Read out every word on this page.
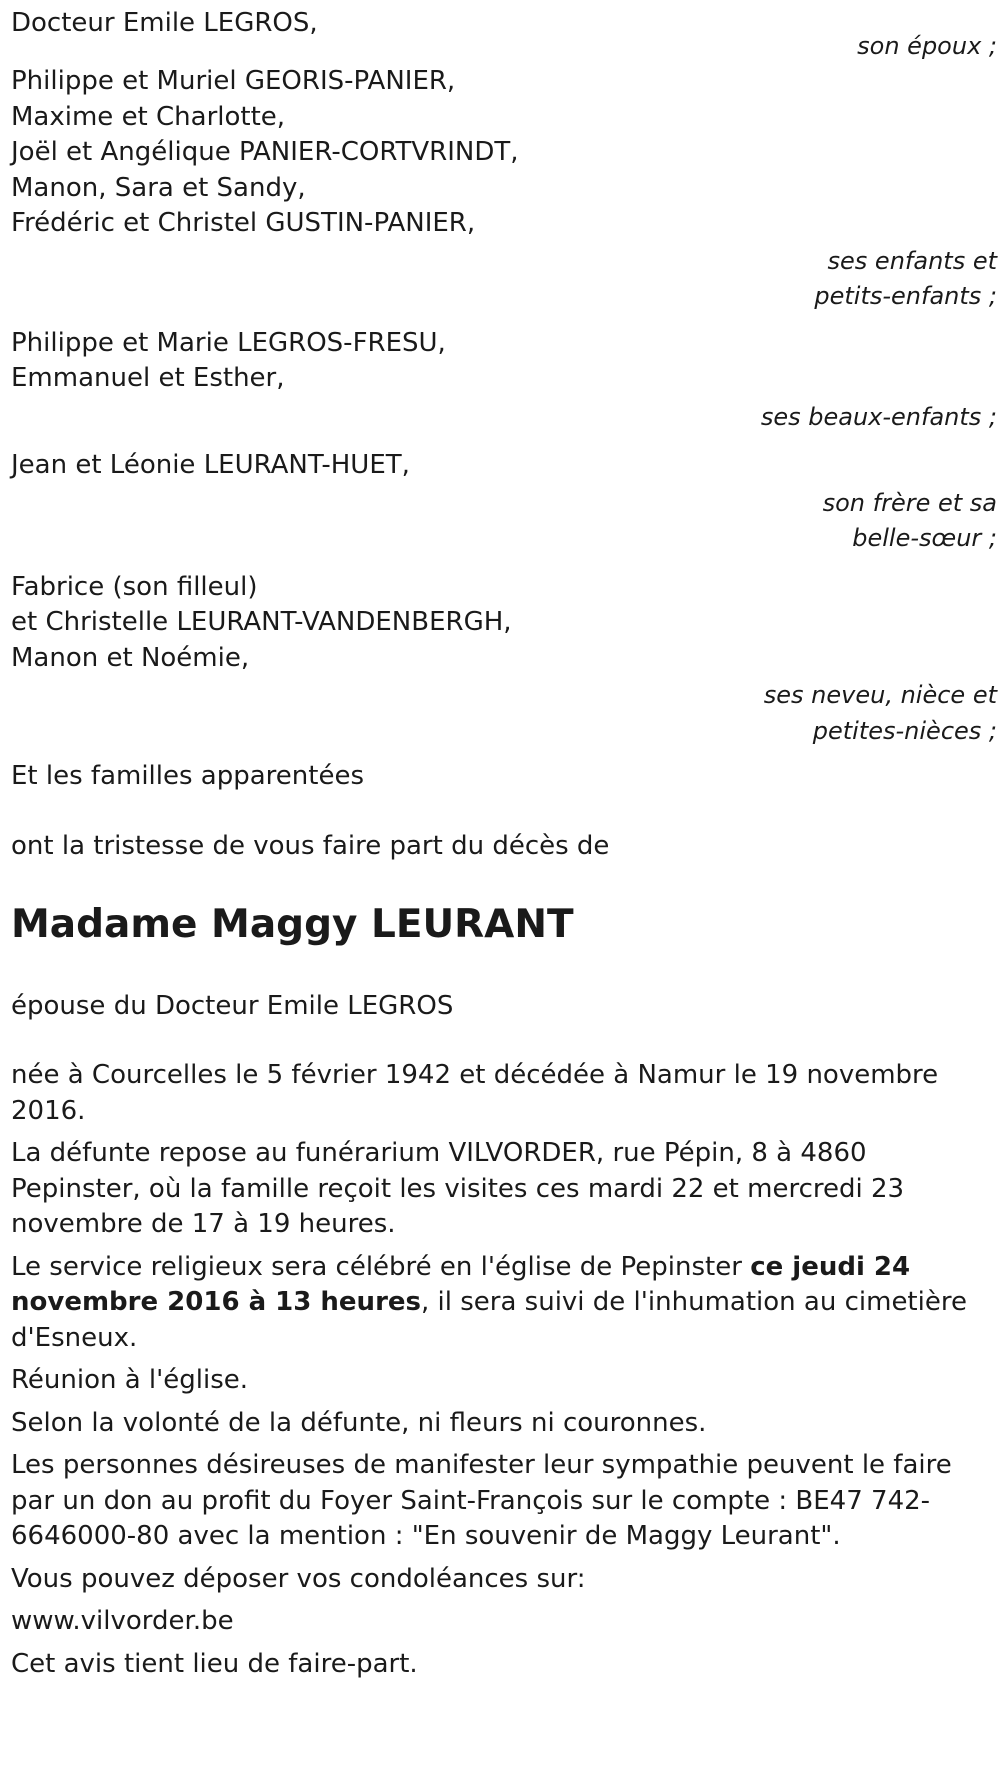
Docteur Emile LEGROS,

son époux ;

Philippe et Muriel GEORIS-PANIER,

Maxime et Charlotte,

Joël et Angélique PANIER-CORTVRINDT,

Manon, Sara et Sandy,

Frédéric et Christel GUSTIN-PANIER,

ses enfants et

petits-enfants ;

Philippe et Marie LEGROS-FRESU,

Emmanuel et Esther,

ses beaux-enfants ;

Jean et Léonie LEURANT-HUET,

son frère et sa

belle-sœur ;

Fabrice (son filleul)

et Christelle LEURANT-VANDENBERGH,

Manon et Noémie,

ses neveu, nièce et

petites-nièces ;

Et les familles apparentées

ont la tristesse de vous faire part du décès de

Madame Maggy LEURANT

épouse du Docteur Emile LEGROS

née à Courcelles le 5 février 1942 et décédée à Namur le 19 novembre 2016.

La défunte repose au funérarium VILVORDER, rue Pépin, 8 à 4860 Pepinster, où la famille reçoit les visites ces mardi 22 et mercredi 23 novembre de 17 à 19 heures.

Le service religieux sera célébré en l'église de Pepinster ce jeudi 24 novembre 2016 à 13 heures, il sera suivi de l'inhumation au cimetière d'Esneux.

Réunion à l'église.

Selon la volonté de la défunte, ni fleurs ni couronnes.

Les personnes désireuses de manifester leur sympathie peuvent le faire par un don au profit du Foyer Saint-François sur le compte : BE47 742-6646000-80 avec la mention : "En souvenir de Maggy Leurant".

Vous pouvez déposer vos condoléances sur:

www.vilvorder.be

Cet avis tient lieu de faire-part.
